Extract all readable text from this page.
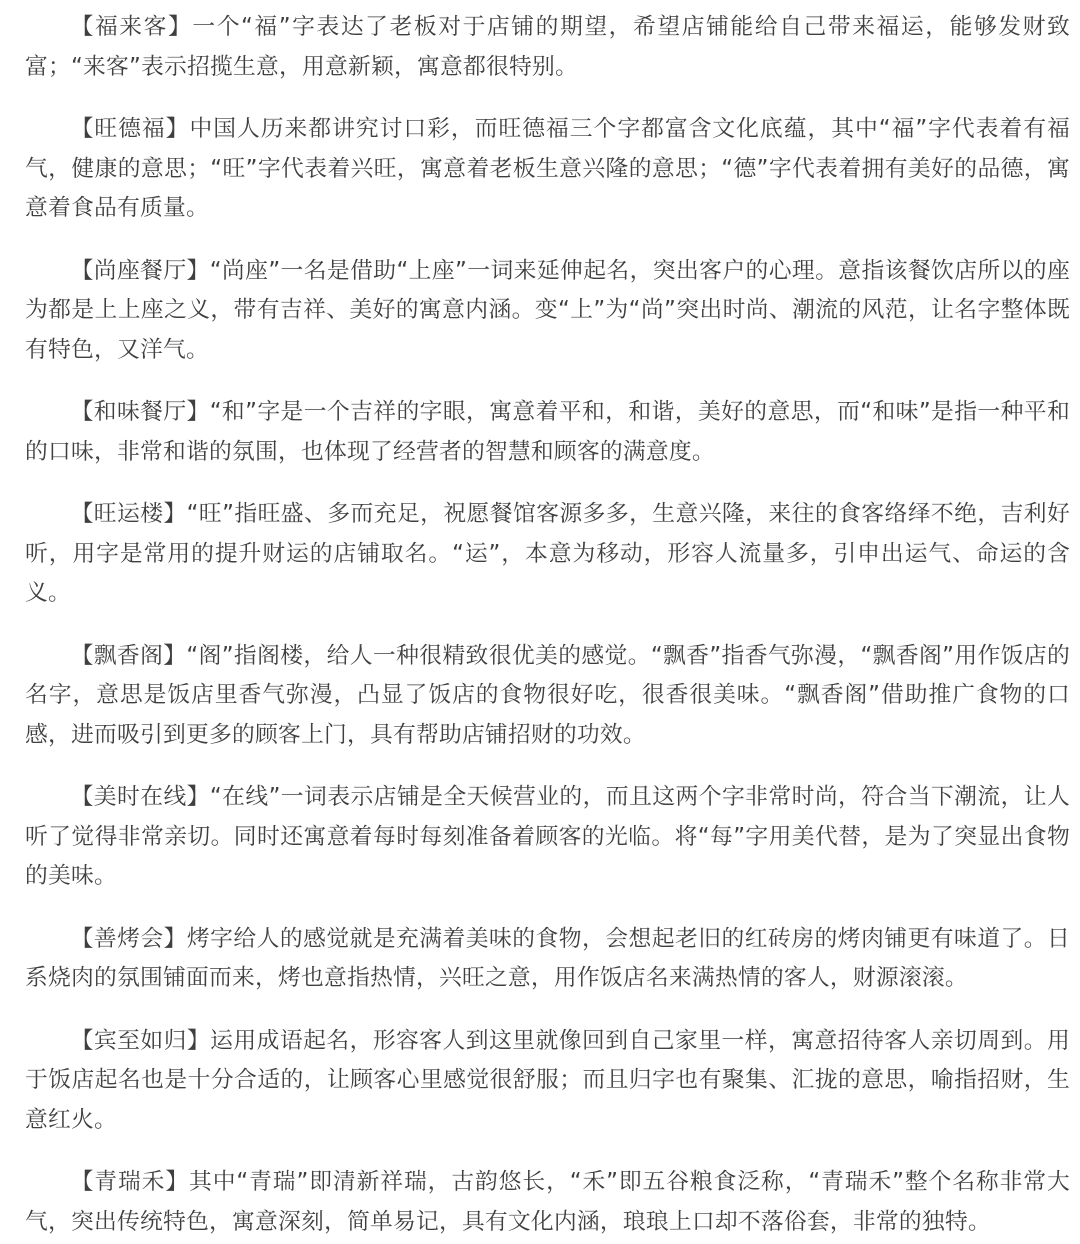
【福来客】一个“福”字表达了老板对于店铺的期望，希望店铺能给自己带来福运，能够发财致富；“来客”表示招揽生意，用意新颖，寓意都很特别。

【旺德福】中国人历来都讲究讨口彩，而旺德福三个字都富含文化底蕴，其中“福”字代表着有福气，健康的意思；“旺”字代表着兴旺，寓意着老板生意兴隆的意思；“德”字代表着拥有美好的品德，寓意着食品有质量。

【尚座餐厅】“尚座”一名是借助“上座”一词来延伸起名，突出客户的心理。意指该餐饮店所以的座为都是上上座之义，带有吉祥、美好的寓意内涵。变“上”为“尚”突出时尚、潮流的风范，让名字整体既有特色，又洋气。

【和味餐厅】“和”字是一个吉祥的字眼，寓意着平和，和谐，美好的意思，而“和味”是指一种平和的口味，非常和谐的氛围，也体现了经营者的智慧和顾客的满意度。

【旺运楼】“旺”指旺盛、多而充足，祝愿餐馆客源多多，生意兴隆，来往的食客络绎不绝，吉利好听，用字是常用的提升财运的店铺取名。“运”，本意为移动，形容人流量多，引申出运气、命运的含义。

【飘香阁】“阁”指阁楼，给人一种很精致很优美的感觉。“飘香”指香气弥漫，“飘香阁”用作饭店的名字，意思是饭店里香气弥漫，凸显了饭店的食物很好吃，很香很美味。“飘香阁”借助推广食物的口感，进而吸引到更多的顾客上门，具有帮助店铺招财的功效。

【美时在线】“在线”一词表示店铺是全天候营业的，而且这两个字非常时尚，符合当下潮流，让人听了觉得非常亲切。同时还寓意着每时每刻准备着顾客的光临。将“每”字用美代替，是为了突显出食物的美味。

【善烤会】烤字给人的感觉就是充满着美味的食物，会想起老旧的红砖房的烤肉铺更有味道了。日系烧肉的氛围铺面而来，烤也意指热情，兴旺之意，用作饭店名来满热情的客人，财源滚滚。

【宾至如归】运用成语起名，形容客人到这里就像回到自己家里一样，寓意招待客人亲切周到。用于饭店起名也是十分合适的，让顾客心里感觉很舒服；而且归字也有聚集、汇拢的意思，喻指招财，生意红火。

【青瑞禾】其中“青瑞”即清新祥瑞，古韵悠长，“禾”即五谷粮食泛称，“青瑞禾”整个名称非常大气，突出传统特色，寓意深刻，简单易记，具有文化内涵，琅琅上口却不落俗套，非常的独特。
